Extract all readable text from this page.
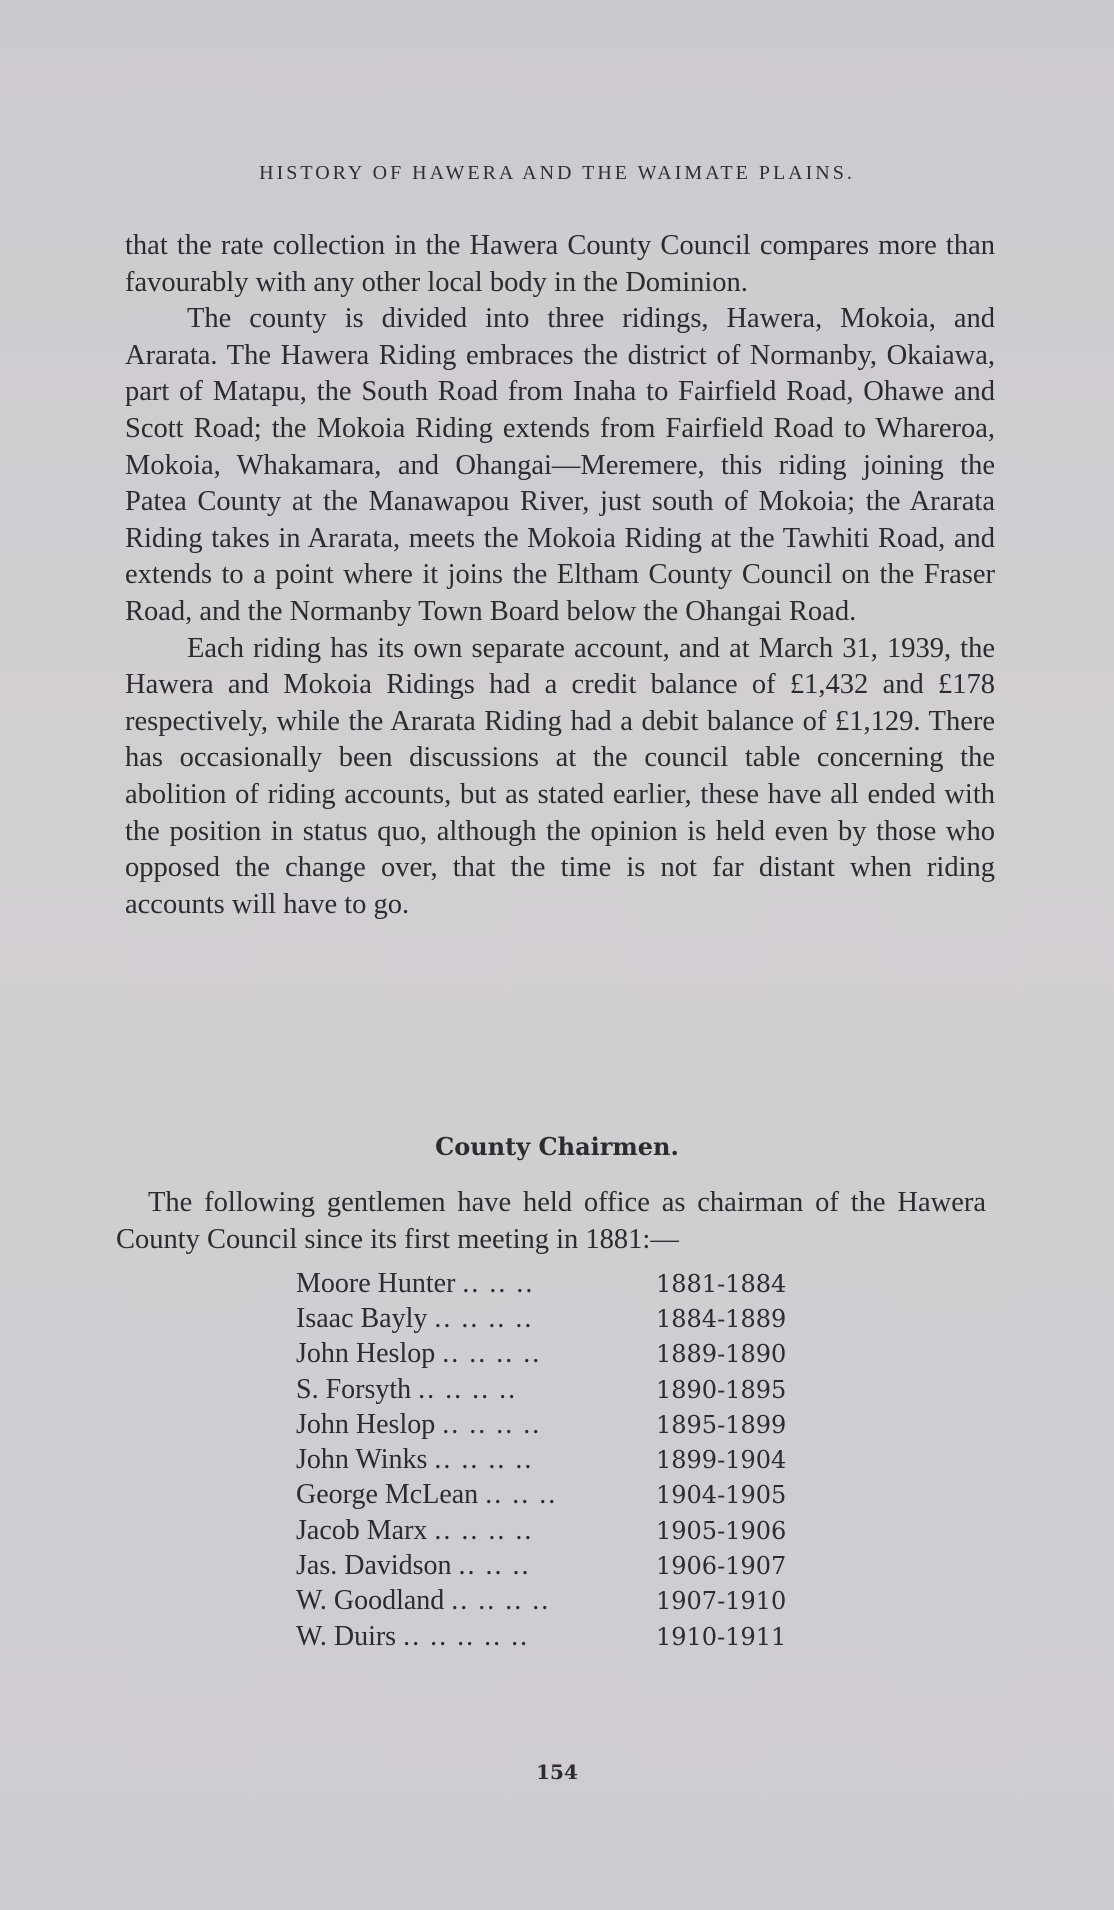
HISTORY OF HAWERA AND THE WAIMATE PLAINS.

that the rate collection in the Hawera County Council compares more than favourably with any other local body in the Dominion.

The county is divided into three ridings, Hawera, Mokoia, and Ararata. The Hawera Riding embraces the district of Normanby, Okaiawa, part of Matapu, the South Road from Inaha to Fairfield Road, Ohawe and Scott Road; the Mokoia Riding extends from Fairfield Road to Whareroa, Mokoia, Whakamara, and Ohangai—Meremere, this riding joining the Patea County at the Manawapou River, just south of Mokoia; the Ararata Riding takes in Ararata, meets the Mokoia Riding at the Tawhiti Road, and extends to a point where it joins the Eltham County Council on the Fraser Road, and the Normanby Town Board below the Ohangai Road.

Each riding has its own separate account, and at March 31, 1939, the Hawera and Mokoia Ridings had a credit balance of £1,432 and £178 respectively, while the Ararata Riding had a debit balance of £1,129. There has occasionally been discussions at the council table concerning the abolition of riding accounts, but as stated earlier, these have all ended with the position in status quo, although the opinion is held even by those who opposed the change over, that the time is not far distant when riding accounts will have to go.

County Chairmen.

The following gentlemen have held office as chairman of the Hawera County Council since its first meeting in 1881:—

Moore Hunter .. .. ..	1881-1884
Isaac Bayly .. .. .. ..	1884-1889
John Heslop .. .. .. ..	1889-1890
S. Forsyth .. .. .. ..	1890-1895
John Heslop .. .. .. ..	1895-1899
John Winks .. .. .. ..	1899-1904
George McLean .. .. ..	1904-1905
Jacob Marx .. .. .. ..	1905-1906
Jas. Davidson .. .. ..	1906-1907
W. Goodland .. .. .. ..	1907-1910
W. Duirs .. .. .. .. ..	1910-1911
154
